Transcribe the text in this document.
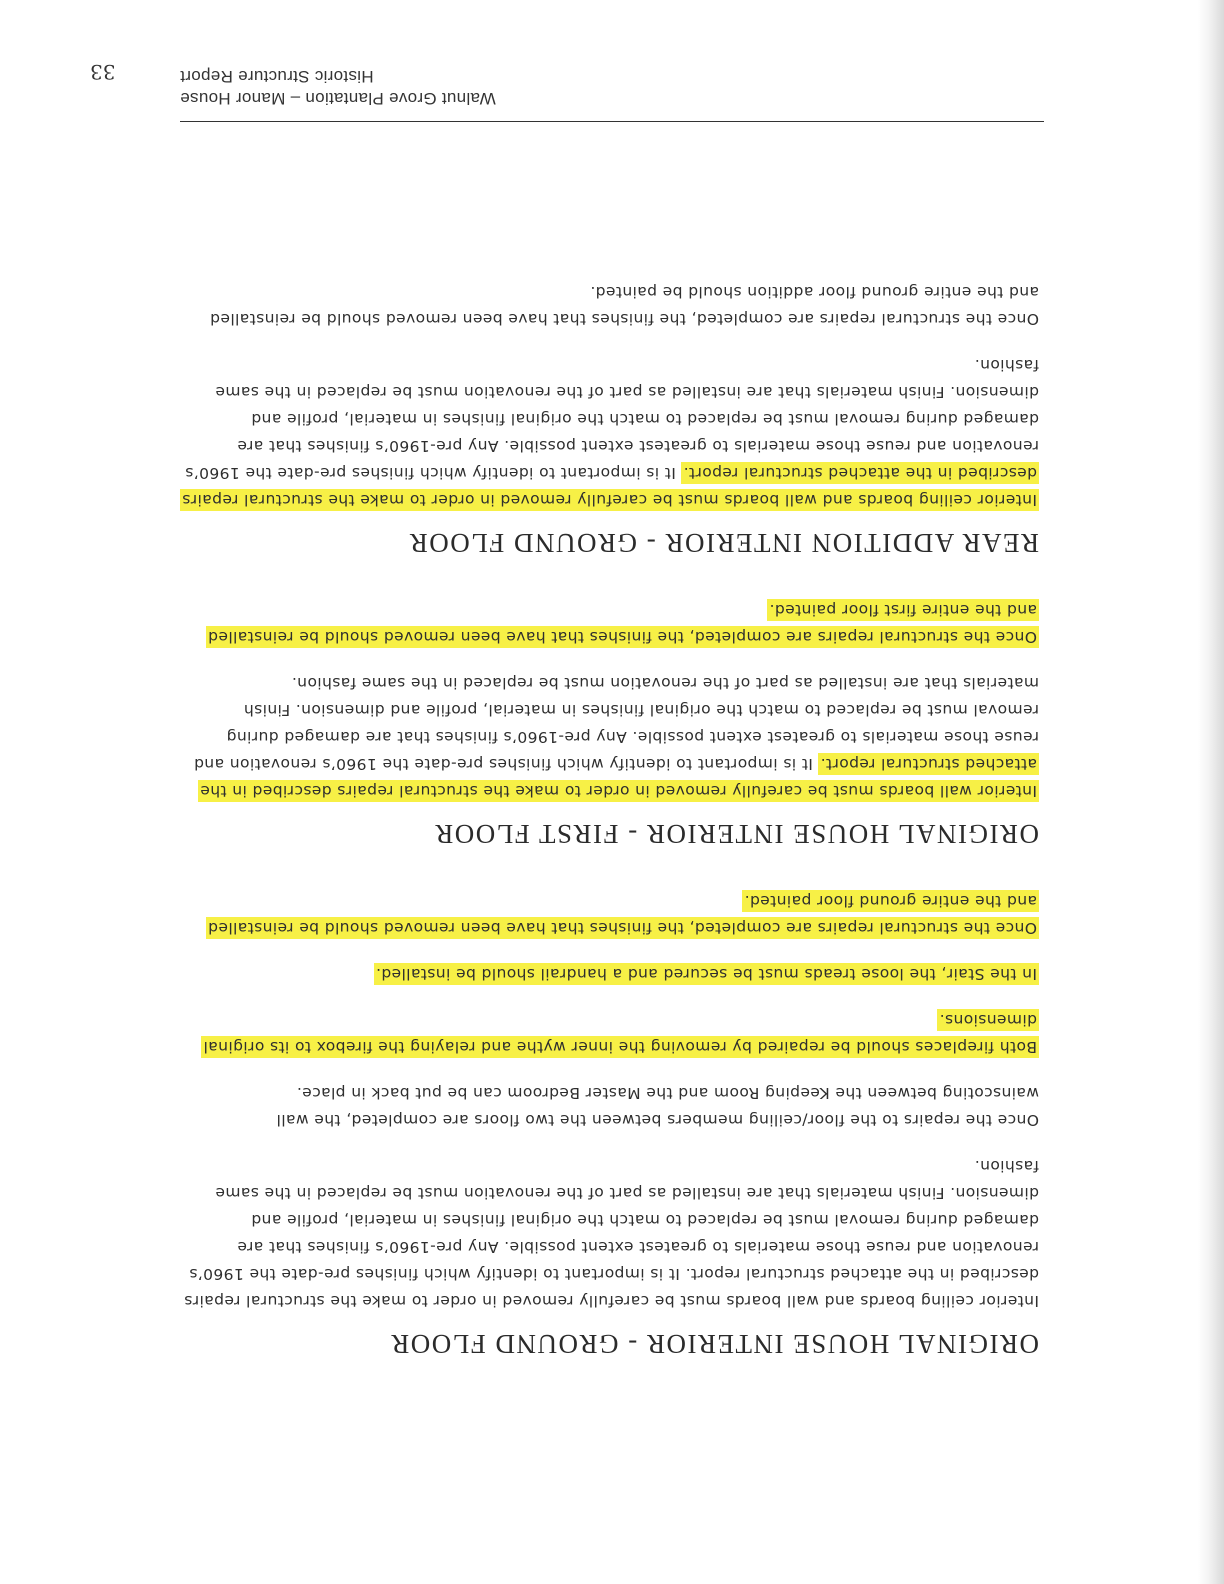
Walnut Grove Plantation – Manor House
Historic Structure Report
33
ORIGINAL HOUSE INTERIOR - GROUND FLOOR

Interior ceiling boards and wall boards must be carefully removed in order to make the structural repairs described in the attached structural report. It is important to identify which finishes pre-date the 1960’s renovation and reuse those materials to greatest extent possible. Any pre-1960’s finishes that are damaged during removal must be replaced to match the original finishes in material, profile and dimension. Finish materials that are installed as part of the renovation must be replaced in the same fashion.

Once the repairs to the floor/ceiling members between the two floors are completed, the wall wainscoting between the Keeping Room and the Master Bedroom can be put back in place.

Both fireplaces should be repaired by removing the inner wythe and relaying the firebox to its original dimensions.

In the Stair, the loose treads must be secured and a handrail should be installed.

Once the structural repairs are completed, the finishes that have been removed should be reinstalled and the entire ground floor painted.

ORIGINAL HOUSE INTERIOR - FIRST FLOOR

Interior wall boards must be carefully removed in order to make the structural repairs described in the attached structural report. It is important to identify which finishes pre-date the 1960’s renovation and reuse those materials to greatest extent possible. Any pre-1960’s finishes that are damaged during removal must be replaced to match the original finishes in material, profile and dimension. Finish materials that are installed as part of the renovation must be replaced in the same fashion.

Once the structural repairs are completed, the finishes that have been removed should be reinstalled and the entire first floor painted.

REAR ADDITION INTERIOR - GROUND FLOOR

Interior ceiling boards and wall boards must be carefully removed in order to make the structural repairs described in the attached structural report. It is important to identify which finishes pre-date the 1960’s renovation and reuse those materials to greatest extent possible. Any pre-1960’s finishes that are damaged during removal must be replaced to match the original finishes in material, profile and dimension. Finish materials that are installed as part of the renovation must be replaced in the same fashion.

Once the structural repairs are completed, the finishes that have been removed should be reinstalled and the entire ground floor addition should be painted.
